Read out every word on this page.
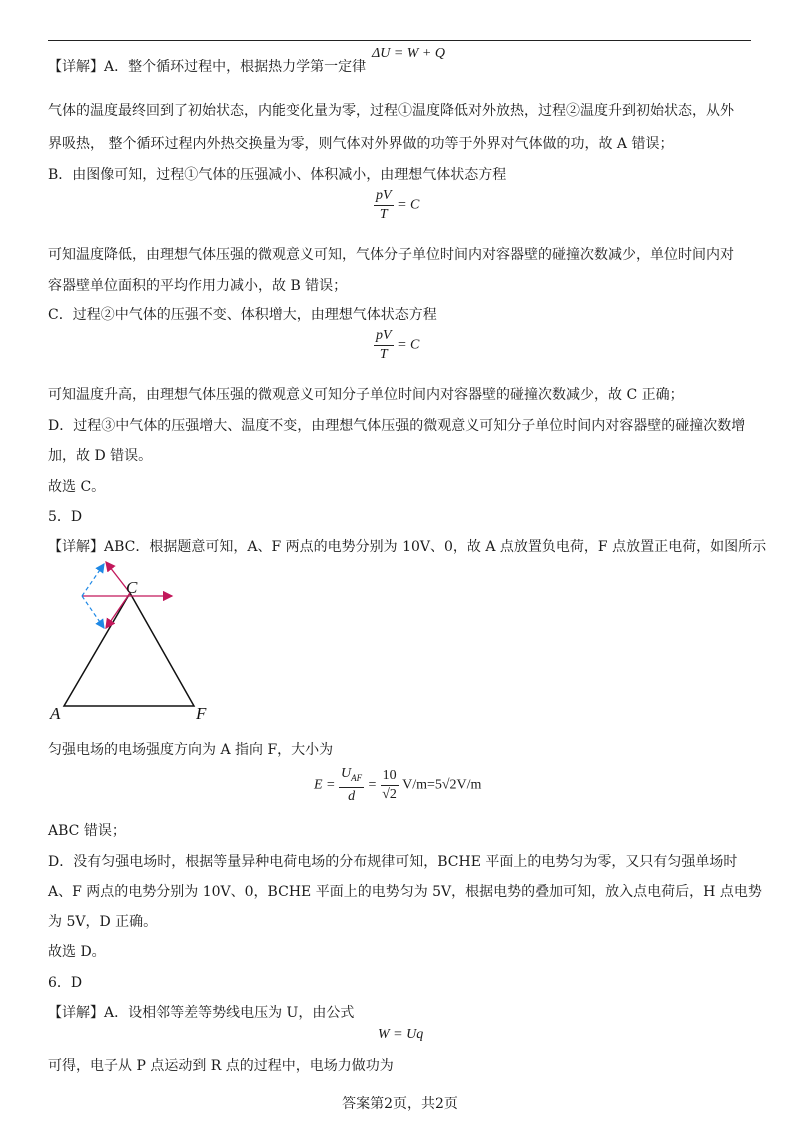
【详解】A．整个循环过程中，根据热力学第一定律
ΔU = W + Q
气体的温度最终回到了初始状态，内能变化量为零，过程①温度降低对外放热，过程②温度升到初始状态，从外
界吸热， 整个循环过程内外热交换量为零，则气体对外界做的功等于外界对气体做的功，故 A 错误；
B．由图像可知，过程①气体的压强减小、体积减小，由理想气体状态方程
$\frac{pV}{T} = C$
可知温度降低，由理想气体压强的微观意义可知，气体分子单位时间内对容器壁的碰撞次数减少，单位时间内对
容器壁单位面积的平均作用力减小，故 B 错误；
C．过程②中气体的压强不变、体积增大，由理想气体状态方程
$\frac{pV}{T} = C$
可知温度升高，由理想气体压强的微观意义可知分子单位时间内对容器壁的碰撞次数减少，故 C 正确；
D．过程③中气体的压强增大、温度不变，由理想气体压强的微观意义可知分子单位时间内对容器壁的碰撞次数增
加，故 D 错误。
故选 C。
5．D
【详解】ABC．根据题意可知，A、F 两点的电势分别为 10V、0，故 A 点放置负电荷，F 点放置正电荷，如图所示
C
A	F
匀强电场的电场强度方向为 A 指向 F，大小为
$E = \frac{U_{AF}}{d} = \frac{10}{√2} V/m=5√2V/m$
ABC 错误；
D．没有匀强电场时，根据等量异种电荷电场的分布规律可知，BCHE 平面上的电势匀为零，又只有匀强单场时
A、F 两点的电势分别为 10V、0，BCHE 平面上的电势匀为 5V，根据电势的叠加可知，放入点电荷后，H 点电势
为 5V，D 正确。
故选 D。
6．D
【详解】A．设相邻等差等势线电压为 U，由公式
W = Uq
可得，电子从 P 点运动到 R 点的过程中，电场力做功为
答案第2页，共2页
